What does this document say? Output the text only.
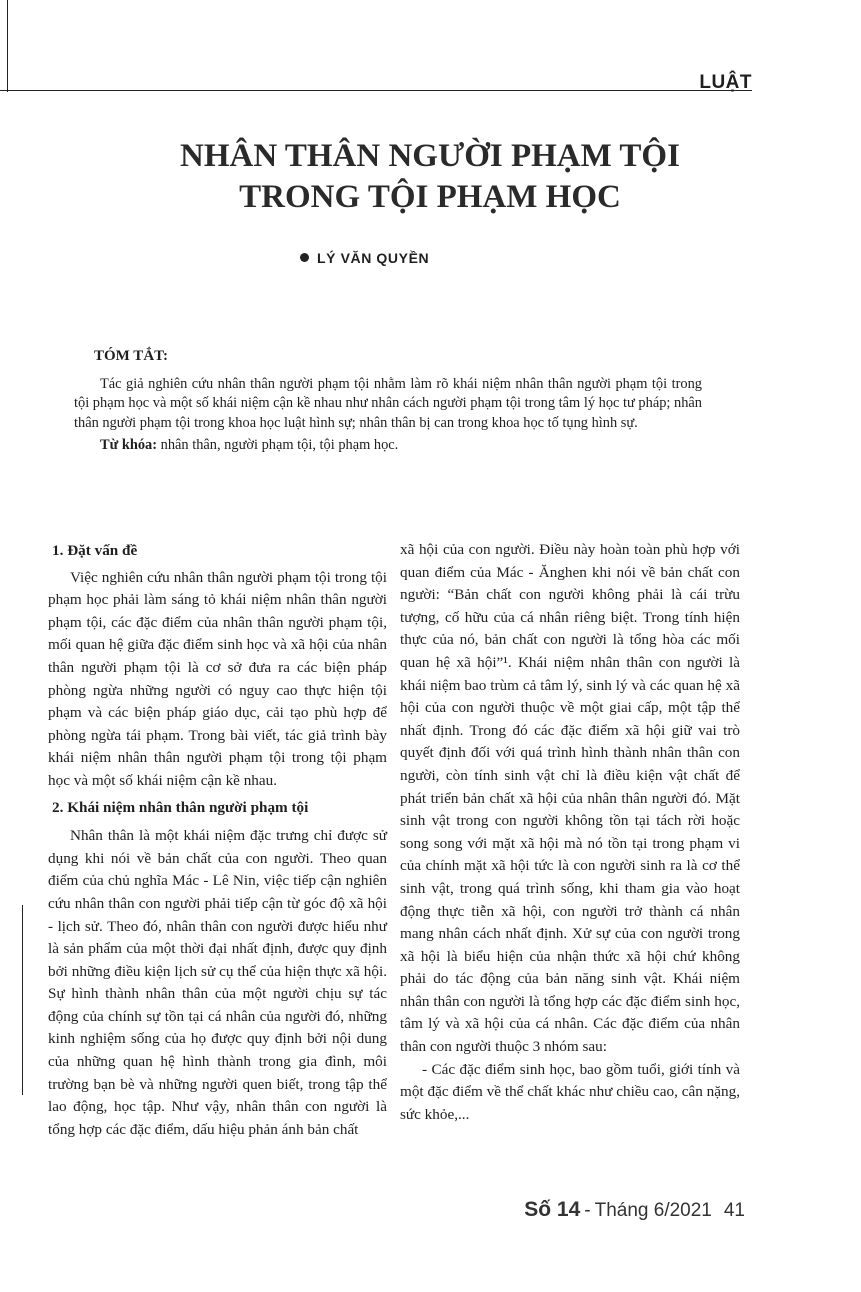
LUẬT
NHÂN THÂN NGƯỜI PHẠM TỘI
TRONG TỘI PHẠM HỌC
LÝ VĂN QUYỀN
TÓM TẮT:

Tác giả nghiên cứu nhân thân người phạm tội nhằm làm rõ khái niệm nhân thân người phạm tội trong tội phạm học và một số khái niệm cận kề nhau như nhân cách người phạm tội trong tâm lý học tư pháp; nhân thân người phạm tội trong khoa học luật hình sự; nhân thân bị can trong khoa học tố tụng hình sự.

Từ khóa: nhân thân, người phạm tội, tội phạm học.

1. Đặt vấn đề

Việc nghiên cứu nhân thân người phạm tội trong tội phạm học phải làm sáng tỏ khái niệm nhân thân người phạm tội, các đặc điểm của nhân thân người phạm tội, mối quan hệ giữa đặc điểm sinh học và xã hội của nhân thân người phạm tội là cơ sở đưa ra các biện pháp phòng ngừa những người có nguy cao thực hiện tội phạm và các biện pháp giáo dục, cải tạo phù hợp để phòng ngừa tái phạm. Trong bài viết, tác giả trình bày khái niệm nhân thân người phạm tội trong tội phạm học và một số khái niệm cận kề nhau.

2. Khái niệm nhân thân người phạm tội

Nhân thân là một khái niệm đặc trưng chỉ được sử dụng khi nói về bản chất của con người. Theo quan điểm của chủ nghĩa Mác - Lê Nin, việc tiếp cận nghiên cứu nhân thân con người phải tiếp cận từ góc độ xã hội - lịch sử. Theo đó, nhân thân con người được hiểu như là sản phẩm của một thời đại nhất định, được quy định bởi những điều kiện lịch sử cụ thể của hiện thực xã hội. Sự hình thành nhân thân của một người chịu sự tác động của chính sự tồn tại cá nhân của người đó, những kinh nghiệm sống của họ được quy định bởi nội dung của những quan hệ hình thành trong gia đình, môi trường bạn bè và những người quen biết, trong tập thể lao động, học tập. Như vậy, nhân thân con người là tổng hợp các đặc điểm, dấu hiệu phản ánh bản chất

xã hội của con người. Điều này hoàn toàn phù hợp với quan điểm của Mác - Ănghen khi nói về bản chất con người: “Bản chất con người không phải là cái trừu tượng, cố hữu của cá nhân riêng biệt. Trong tính hiện thực của nó, bản chất con người là tổng hòa các mối quan hệ xã hội”¹. Khái niệm nhân thân con người là khái niệm bao trùm cả tâm lý, sinh lý và các quan hệ xã hội của con người thuộc về một giai cấp, một tập thể nhất định. Trong đó các đặc điểm xã hội giữ vai trò quyết định đối với quá trình hình thành nhân thân con người, còn tính sinh vật chỉ là điều kiện vật chất để phát triển bản chất xã hội của nhân thân người đó. Mặt sinh vật trong con người không tồn tại tách rời hoặc song song với mặt xã hội mà nó tồn tại trong phạm vi của chính mặt xã hội tức là con người sinh ra là cơ thể sinh vật, trong quá trình sống, khi tham gia vào hoạt động thực tiễn xã hội, con người trở thành cá nhân mang nhân cách nhất định. Xử sự của con người trong xã hội là biểu hiện của nhận thức xã hội chứ không phải do tác động của bản năng sinh vật. Khái niệm nhân thân con người là tổng hợp các đặc điểm sinh học, tâm lý và xã hội của cá nhân. Các đặc điểm của nhân thân con người thuộc 3 nhóm sau:

- Các đặc điểm sinh học, bao gồm tuổi, giới tính và một đặc điểm về thể chất khác như chiều cao, cân nặng, sức khỏe,...

Số 14 - Tháng 6/2021 41
